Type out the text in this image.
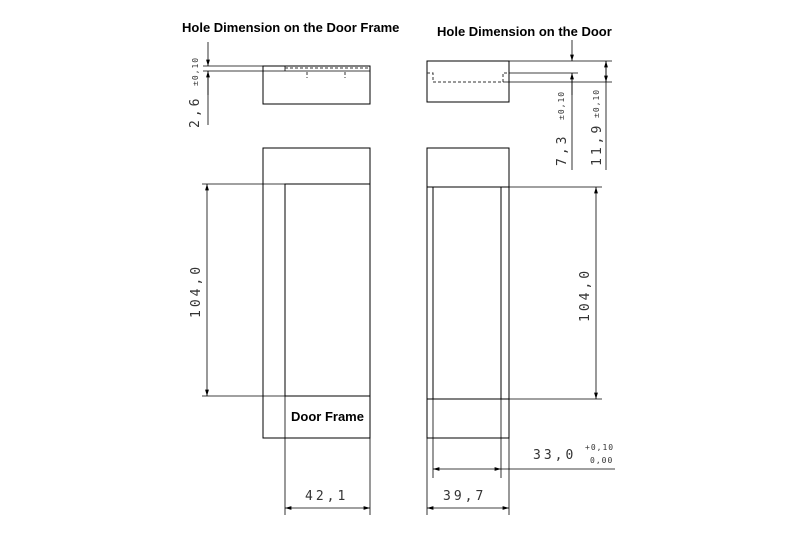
Hole Dimension on the Door Frame	Hole Dimension on the Door
2,6
±0,10
7,3
±0,10
11,9
±0,10
Door Frame
104,0
42,1
104,0
33,0
+0,10
0,00
39,7
